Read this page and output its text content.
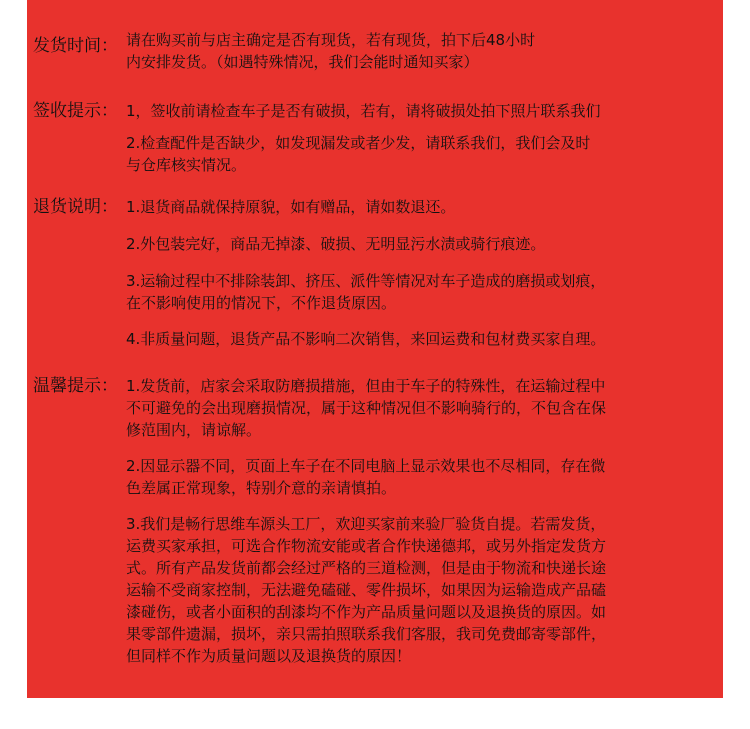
发货时间： 请在购买前与店主确定是否有现货，若有现货，拍下后48小时
内安排发货。（如遇特殊情况，我们会能时通知买家）

签收提示： 1，签收前请检查车子是否有破损，若有，请将破损处拍下照片联系我们

2.检查配件是否缺少，如发现漏发或者少发，请联系我们，我们会及时
与仓库核实情况。

退货说明： 1.退货商品就保持原貌，如有赠品，请如数退还。

2.外包装完好，商品无掉漆、破损、无明显污水渍或骑行痕迹。

3.运输过程中不排除装卸、挤压、派件等情况对车子造成的磨损或划痕，
在不影响使用的情况下，不作退货原因。

4.非质量问题，退货产品不影响二次销售，来回运费和包材费买家自理。

温馨提示： 1.发货前，店家会采取防磨损措施，但由于车子的特殊性，在运输过程中
不可避免的会出现磨损情况，属于这种情况但不影响骑行的，不包含在保
修范围内，请谅解。

2.因显示器不同，页面上车子在不同电脑上显示效果也不尽相同，存在微
色差属正常现象，特别介意的亲请慎拍。

3.我们是畅行思维车源头工厂，欢迎买家前来验厂验货自提。若需发货，
运费买家承担，可选合作物流安能或者合作快递德邦，或另外指定发货方
式。所有产品发货前都会经过严格的三道检测，但是由于物流和快递长途
运输不受商家控制，无法避免磕碰、零件损坏，如果因为运输造成产品磕
漆碰伤，或者小面积的刮漆均不作为产品质量问题以及退换货的原因。如
果零部件遗漏，损坏，亲只需拍照联系我们客服，我司免费邮寄零部件，
但同样不作为质量问题以及退换货的原因！
